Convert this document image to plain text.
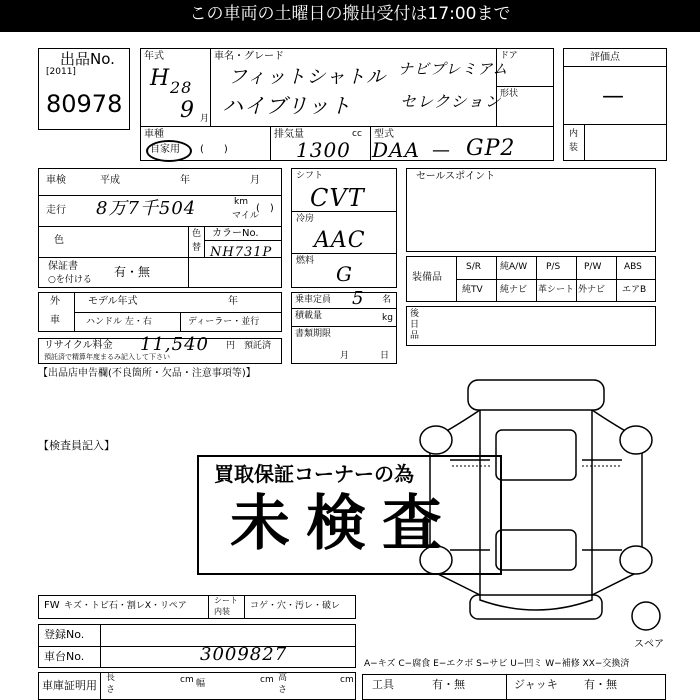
この車両の土曜日の搬出受付は17:00まで
出品No.
[2011]
80978
年式
H 28
9 月
車名・グレード
フィットシャトル ナビプレミアム
ハイブリット	セレクション
ドア
形状
車種
自家用 (　　)
排気量	cc
1300
型式
DAA — GP2
評価点
—
内
装
車検	平成	年	月
走行 8万7千504	km
マイル
(　)
色
色
替
カラーNo.
NH731P
保証書
○を付ける
有・無
外
車
モデル年式	年
ハンドル 左・右	ディーラー・並行
リサイクル料金 11,540 円 預託済
預託済で精算年度まるみ記入して下さい
シフト
CVT
冷房
AAC
燃料
G
乗車定員 5 名
積載量	kg
書類期限
月	日
セールスポイント
装備品
S/R 純A/W P/S	P/W	ABS
純TV 純ナビ 革シート 外ナビ エアB
後
日
品
【出品店申告欄(不良箇所・欠品・注意事項等)】
【検査員記入】
スペア
買取保証コーナーの為
未検査
FW キズ・トビ石・割レX・リペア
シート
内装
コゲ・穴・汚レ・破レ
登録No.
車台No.	3009827
車庫証明用
長
さ
cm 幅	cm 高
さ
cm
A−キズ C−腐食 E−エクボ S−サビ U−凹ミ W−補修 XX−交換済
工具	有・無	ジャッキ 有・無
